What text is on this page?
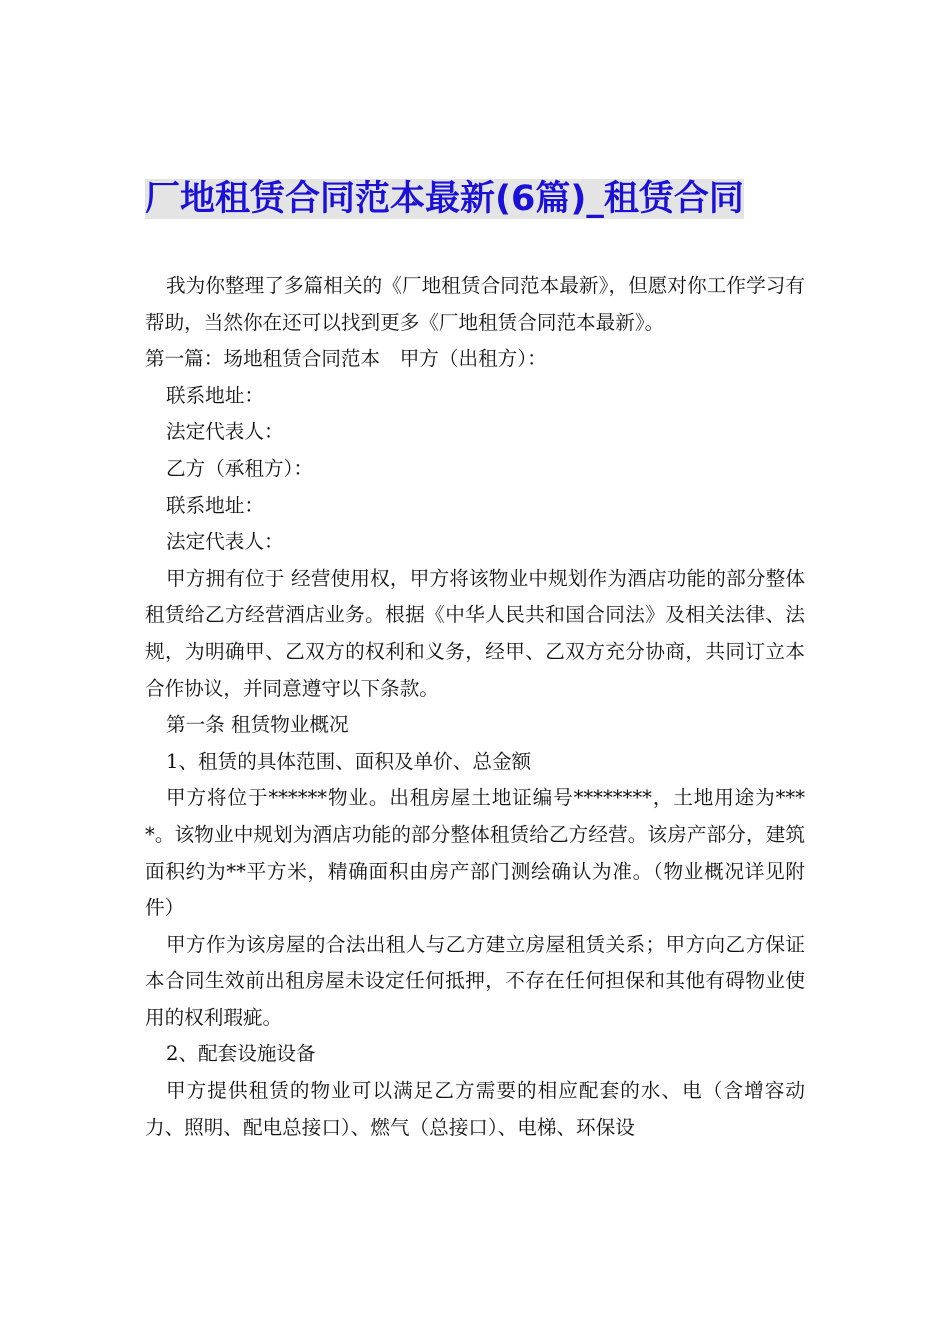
厂地租赁合同范本最新(6篇)_租赁合同

我为你整理了多篇相关的《厂地租赁合同范本最新》，但愿对你工作学习有帮助，当然你在还可以找到更多《厂地租赁合同范本最新》。

第一篇：场地租赁合同范本　甲方（出租方）：

联系地址：

法定代表人：

乙方（承租方）：

联系地址：

法定代表人：

甲方拥有位于 经营使用权，甲方将该物业中规划作为酒店功能的部分整体租赁给乙方经营酒店业务。根据《中华人民共和国合同法》及相关法律、法规，为明确甲、乙双方的权利和义务，经甲、乙双方充分协商，共同订立本合作协议，并同意遵守以下条款。

第一条 租赁物业概况

1、租赁的具体范围、面积及单价、总金额

甲方将位于******物业。出租房屋土地证编号********，土地用途为****。该物业中规划为酒店功能的部分整体租赁给乙方经营。该房产部分，建筑面积约为**平方米，精确面积由房产部门测绘确认为准。（物业概况详见附件）

甲方作为该房屋的合法出租人与乙方建立房屋租赁关系；甲方向乙方保证本合同生效前出租房屋未设定任何抵押，不存在任何担保和其他有碍物业使用的权利瑕疵。

2、配套设施设备

甲方提供租赁的物业可以满足乙方需要的相应配套的水、电（含增容动力、照明、配电总接口）、燃气（总接口）、电梯、环保设
